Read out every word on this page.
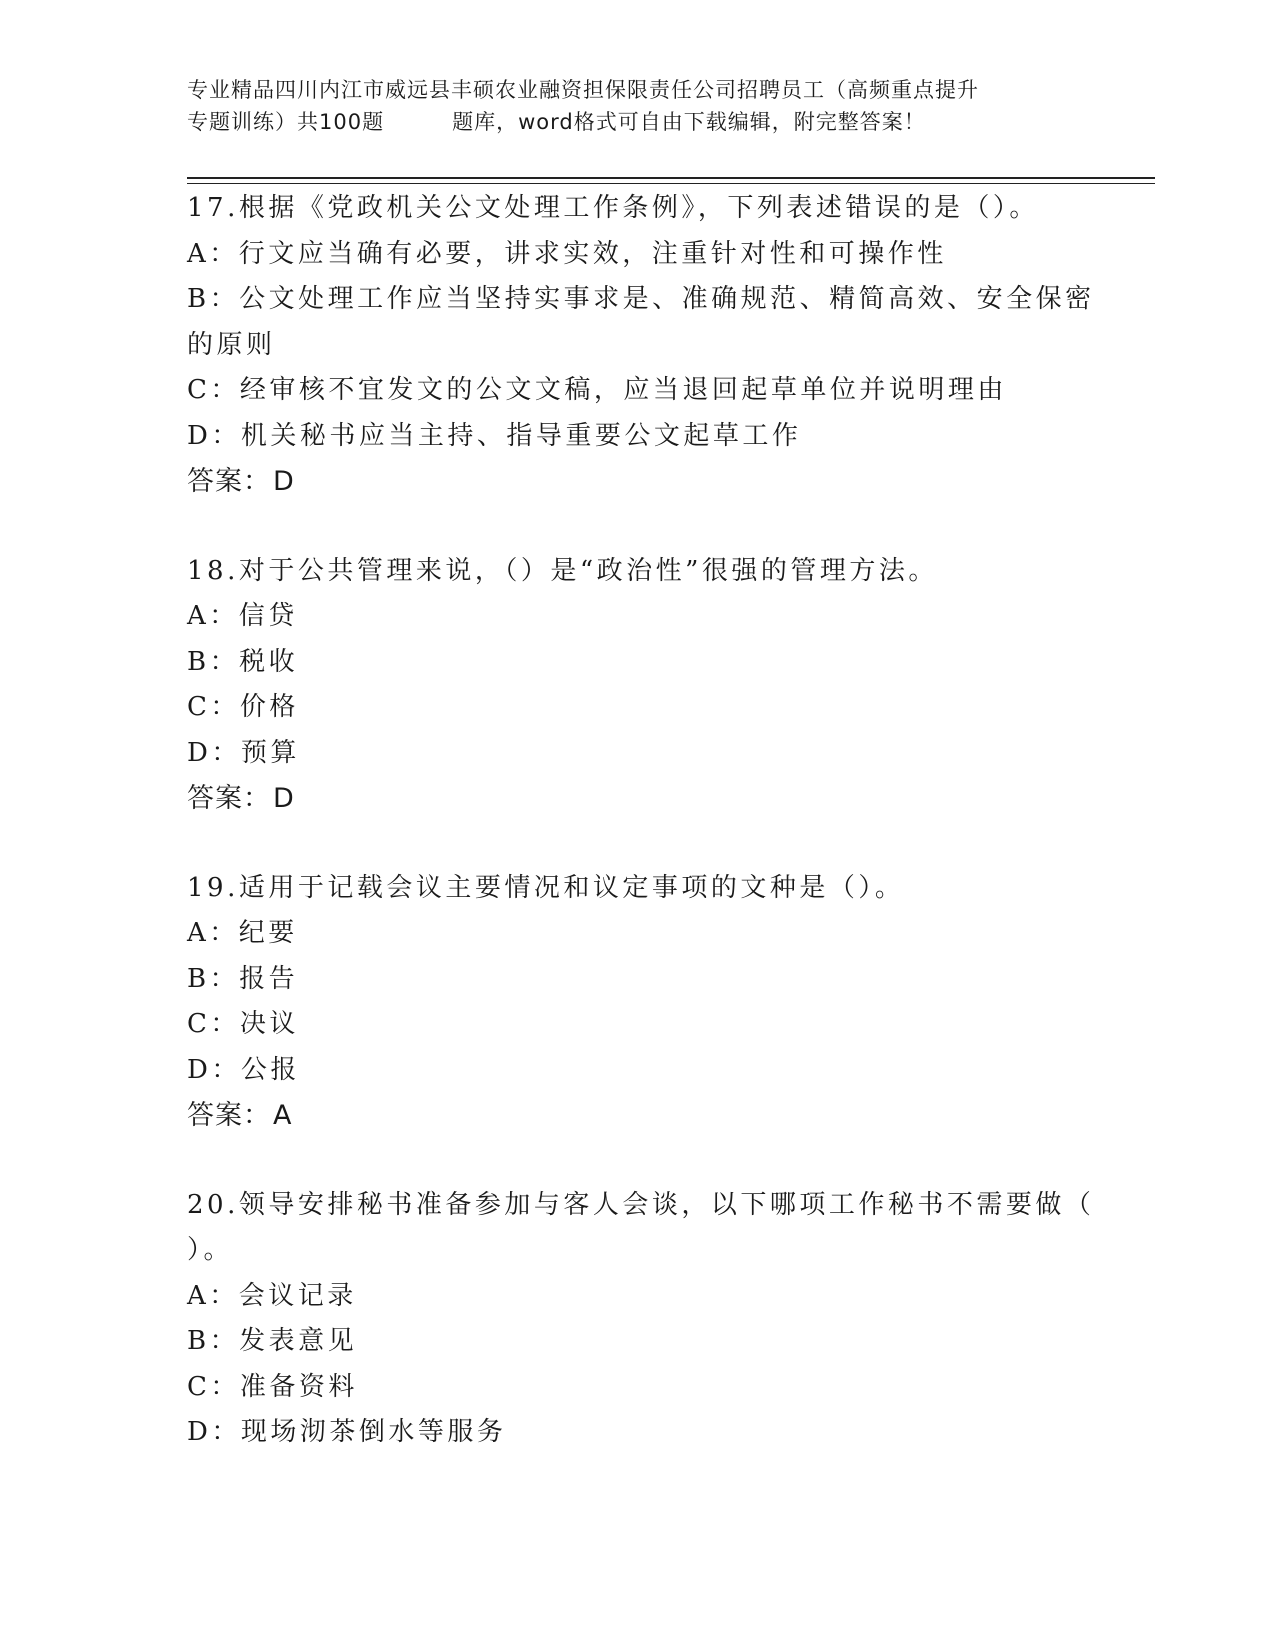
专业精品四川内江市威远县丰硕农业融资担保限责任公司招聘员工（高频重点提升
专题训练）共100题	题库，word格式可自由下载编辑，附完整答案！
17.根据《党政机关公文处理工作条例》，下列表述错误的是（）。
A：行文应当确有必要，讲求实效，注重针对性和可操作性
B：公文处理工作应当坚持实事求是、准确规范、精简高效、安全保密
的原则
C：经审核不宜发文的公文文稿，应当退回起草单位并说明理由
D：机关秘书应当主持、指导重要公文起草工作
答案：D
18.对于公共管理来说，（）是“政治性”很强的管理方法。
A：信贷
B：税收
C：价格
D：预算
答案：D
19.适用于记载会议主要情况和议定事项的文种是（）。
A：纪要
B：报告
C：决议
D：公报
答案：A
20.领导安排秘书准备参加与客人会谈，以下哪项工作秘书不需要做（
）。
A：会议记录
B：发表意见
C：准备资料
D：现场沏茶倒水等服务
